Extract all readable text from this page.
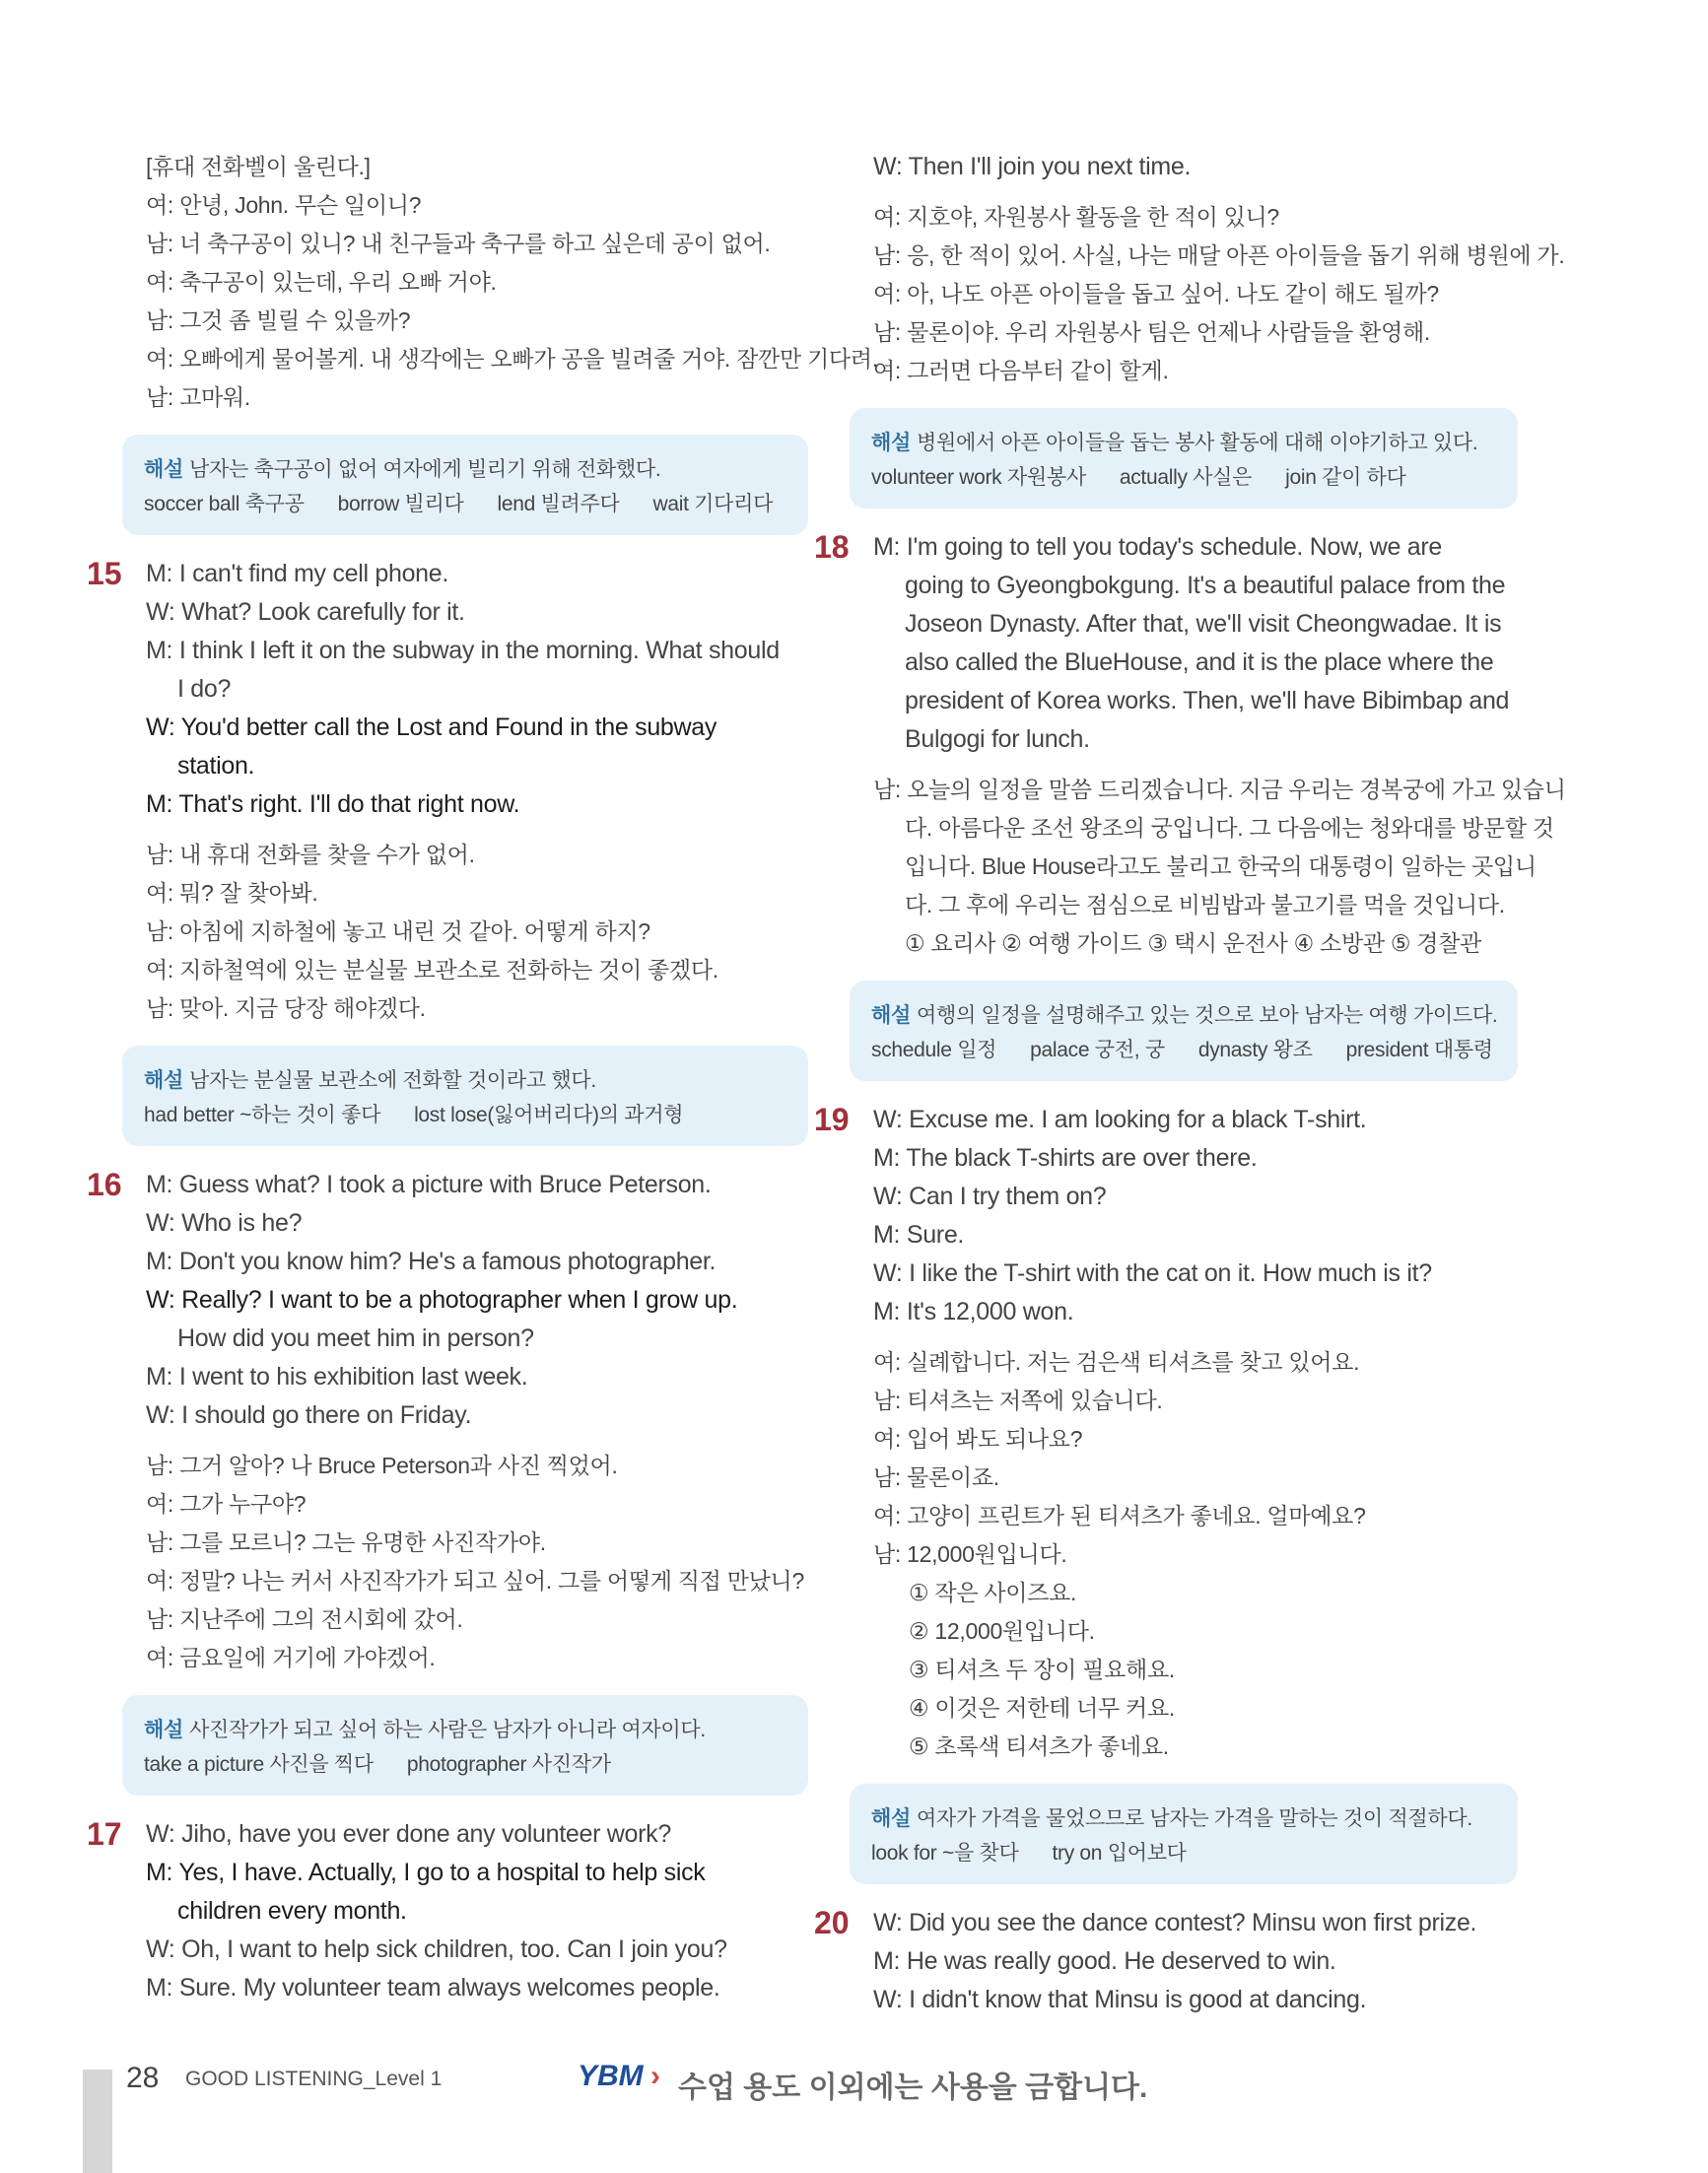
[휴대 전화벨이 울린다.]
여: 안녕, John. 무슨 일이니?
남: 너 축구공이 있니? 내 친구들과 축구를 하고 싶은데 공이 없어.
여: 축구공이 있는데, 우리 오빠 거야.
남: 그것 좀 빌릴 수 있을까?
여: 오빠에게 물어볼게. 내 생각에는 오빠가 공을 빌려줄 거야. 잠깐만 기다려.
남: 고마워.
해설 남자는 축구공이 없어 여자에게 빌리기 위해 전화했다.
soccer ball 축구공 borrow 빌리다 lend 빌려주다 wait 기다리다
15 M: I can't find my cell phone.
W: What? Look carefully for it.
M: I think I left it on the subway in the morning. What should
I do?
W: You'd better call the Lost and Found in the subway
station.
M: That's right. I'll do that right now.
남: 내 휴대 전화를 찾을 수가 없어.
여: 뭐? 잘 찾아봐.
남: 아침에 지하철에 놓고 내린 것 같아. 어떻게 하지?
여: 지하철역에 있는 분실물 보관소로 전화하는 것이 좋겠다.
남: 맞아. 지금 당장 해야겠다.
해설 남자는 분실물 보관소에 전화할 것이라고 했다.
had better ~하는 것이 좋다 lost lose(잃어버리다)의 과거형
16 M: Guess what? I took a picture with Bruce Peterson.
W: Who is he?
M: Don't you know him? He's a famous photographer.
W: Really? I want to be a photographer when I grow up.
How did you meet him in person?
M: I went to his exhibition last week.
W: I should go there on Friday.
남: 그거 알아? 나 Bruce Peterson과 사진 찍었어.
여: 그가 누구야?
남: 그를 모르니? 그는 유명한 사진작가야.
여: 정말? 나는 커서 사진작가가 되고 싶어. 그를 어떻게 직접 만났니?
남: 지난주에 그의 전시회에 갔어.
여: 금요일에 거기에 가야겠어.
해설 사진작가가 되고 싶어 하는 사람은 남자가 아니라 여자이다.
take a picture 사진을 찍다 photographer 사진작가
17 W: Jiho, have you ever done any volunteer work?
M: Yes, I have. Actually, I go to a hospital to help sick
children every month.
W: Oh, I want to help sick children, too. Can I join you?
M: Sure. My volunteer team always welcomes people.
W: Then I'll join you next time.
여: 지호야, 자원봉사 활동을 한 적이 있니?
남: 응, 한 적이 있어. 사실, 나는 매달 아픈 아이들을 돕기 위해 병원에 가.
여: 아, 나도 아픈 아이들을 돕고 싶어. 나도 같이 해도 될까?
남: 물론이야. 우리 자원봉사 팀은 언제나 사람들을 환영해.
여: 그러면 다음부터 같이 할게.
해설 병원에서 아픈 아이들을 돕는 봉사 활동에 대해 이야기하고 있다.
volunteer work 자원봉사 actually 사실은 join 같이 하다
18 M: I'm going to tell you today's schedule. Now, we are
going to Gyeongbokgung. It's a beautiful palace from the
Joseon Dynasty. After that, we'll visit Cheongwadae. It is
also called the BlueHouse, and it is the place where the
president of Korea works. Then, we'll have Bibimbap and
Bulgogi for lunch.
남: 오늘의 일정을 말씀 드리겠습니다. 지금 우리는 경복궁에 가고 있습니
다. 아름다운 조선 왕조의 궁입니다. 그 다음에는 청와대를 방문할 것
입니다. Blue House라고도 불리고 한국의 대통령이 일하는 곳입니
다. 그 후에 우리는 점심으로 비빔밥과 불고기를 먹을 것입니다.
① 요리사 ② 여행 가이드 ③ 택시 운전사 ④ 소방관 ⑤ 경찰관
해설 여행의 일정을 설명해주고 있는 것으로 보아 남자는 여행 가이드다.
schedule 일정 palace 궁전, 궁 dynasty 왕조 president 대통령
19 W: Excuse me. I am looking for a black T-shirt.
M: The black T-shirts are over there.
W: Can I try them on?
M: Sure.
W: I like the T-shirt with the cat on it. How much is it?
M: It's 12,000 won.
여: 실례합니다. 저는 검은색 티셔츠를 찾고 있어요.
남: 티셔츠는 저쪽에 있습니다.
여: 입어 봐도 되나요?
남: 물론이죠.
여: 고양이 프린트가 된 티셔츠가 좋네요. 얼마예요?
남: 12,000원입니다.
① 작은 사이즈요.
② 12,000원입니다.
③ 티셔츠 두 장이 필요해요.
④ 이것은 저한테 너무 커요.
⑤ 초록색 티셔츠가 좋네요.
해설 여자가 가격을 물었으므로 남자는 가격을 말하는 것이 적절하다.
look for ~을 찾다 try on 입어보다
20 W: Did you see the dance contest? Minsu won first prize.
M: He was really good. He deserved to win.
W: I didn't know that Minsu is good at dancing.
28 GOOD LISTENING_Level 1	YBM › 수업 용도 이외에는 사용을 금합니다.
